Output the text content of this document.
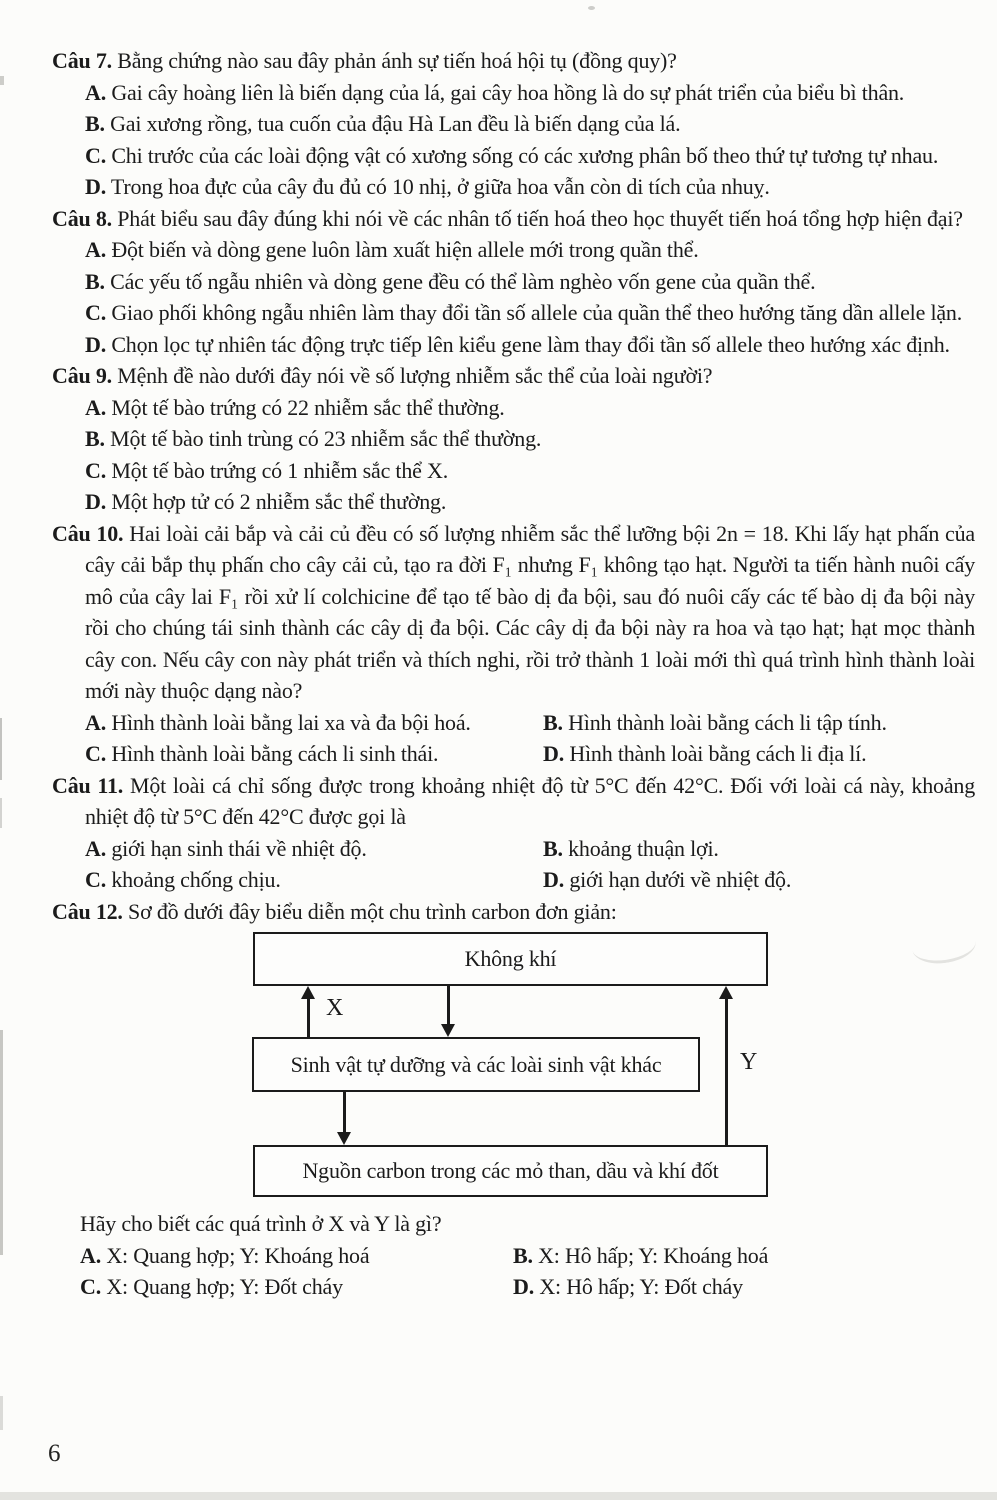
Câu 7. Bằng chứng nào sau đây phản ánh sự tiến hoá hội tụ (đồng quy)?

A. Gai cây hoàng liên là biến dạng của lá, gai cây hoa hồng là do sự phát triển của biểu bì thân.

B. Gai xương rồng, tua cuốn của đậu Hà Lan đều là biến dạng của lá.

C. Chi trước của các loài động vật có xương sống có các xương phân bố theo thứ tự tương tự nhau.

D. Trong hoa đực của cây đu đủ có 10 nhị, ở giữa hoa vẫn còn di tích của nhuỵ.

Câu 8. Phát biểu sau đây đúng khi nói về các nhân tố tiến hoá theo học thuyết tiến hoá tổng hợp hiện đại?

A. Đột biến và dòng gene luôn làm xuất hiện allele mới trong quần thể.

B. Các yếu tố ngẫu nhiên và dòng gene đều có thể làm nghèo vốn gene của quần thể.

C. Giao phối không ngẫu nhiên làm thay đổi tần số allele của quần thể theo hướng tăng dần allele lặn.

D. Chọn lọc tự nhiên tác động trực tiếp lên kiểu gene làm thay đổi tần số allele theo hướng xác định.

Câu 9. Mệnh đề nào dưới đây nói về số lượng nhiễm sắc thể của loài người?

A. Một tế bào trứng có 22 nhiễm sắc thể thường.

B. Một tế bào tinh trùng có 23 nhiễm sắc thể thường.

C. Một tế bào trứng có 1 nhiễm sắc thể X.

D. Một hợp tử có 2 nhiễm sắc thể thường.

Câu 10. Hai loài cải bắp và cải củ đều có số lượng nhiễm sắc thể lưỡng bội 2n = 18. Khi lấy hạt phấn của cây cải bắp thụ phấn cho cây cải củ, tạo ra đời F₁ nhưng F₁ không tạo hạt. Người ta tiến hành nuôi cấy mô của cây lai F₁ rồi xử lí colchicine để tạo tế bào dị đa bội, sau đó nuôi cấy các tế bào dị đa bội này rồi cho chúng tái sinh thành các cây dị đa bội. Các cây dị đa bội này ra hoa và tạo hạt; hạt mọc thành cây con. Nếu cây con này phát triển và thích nghi, rồi trở thành 1 loài mới thì quá trình hình thành loài mới này thuộc dạng nào?

A. Hình thành loài bằng lai xa và đa bội hoá.	B. Hình thành loài bằng cách li tập tính.

C. Hình thành loài bằng cách li sinh thái.	D. Hình thành loài bằng cách li địa lí.

Câu 11. Một loài cá chỉ sống được trong khoảng nhiệt độ từ 5°C đến 42°C. Đối với loài cá này, khoảng nhiệt độ từ 5°C đến 42°C được gọi là

A. giới hạn sinh thái về nhiệt độ.	B. khoảng thuận lợi.

C. khoảng chống chịu.	D. giới hạn dưới về nhiệt độ.

Câu 12. Sơ đồ dưới đây biểu diễn một chu trình carbon đơn giản:

Không khí
Sinh vật tự dưỡng và các loài sinh vật khác
Nguồn carbon trong các mỏ than, dầu và khí đốt
X
Y

Hãy cho biết các quá trình ở X và Y là gì?

A. X: Quang hợp; Y: Khoáng hoá	B. X: Hô hấp; Y: Khoáng hoá

C. X: Quang hợp; Y: Đốt cháy	D. X: Hô hấp; Y: Đốt cháy

6
